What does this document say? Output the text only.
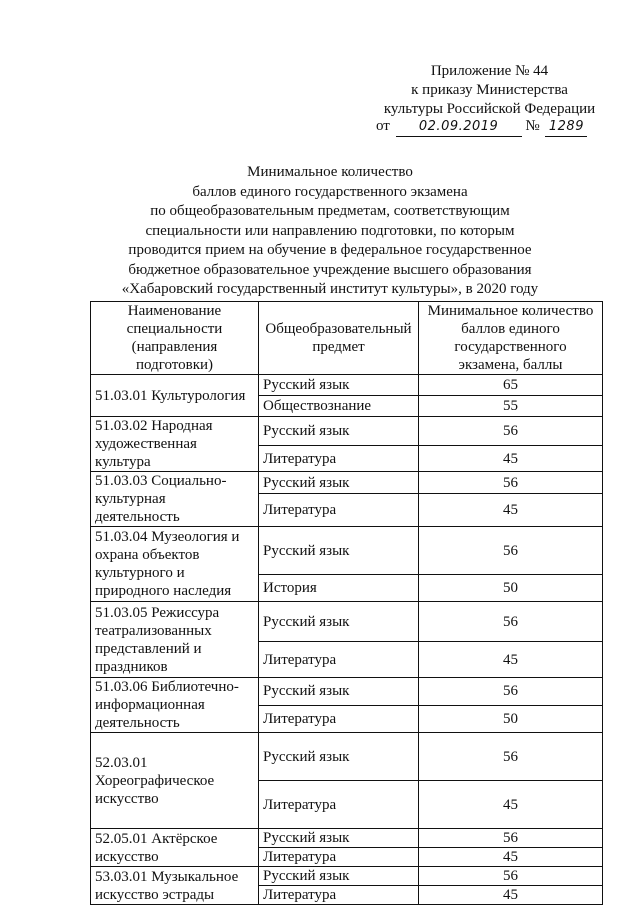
Приложение № 44
к приказу Министерства
культуры Российской Федерации
от 02.09.2019 № 1289
Минимальное количество
баллов единого государственного экзамена
по общеобразовательным предметам, соответствующим
специальности или направлению подготовки, по которым
проводится прием на обучение в федеральное государственное
бюджетное образовательное учреждение высшего образования
«Хабаровский государственный институт культуры», в 2020 году
Наименование специальности (направления подготовки)	Общеобразовательный предмет	Минимальное количество баллов единого государственного экзамена, баллы
51.03.01 Культурология	Русский язык	65
	Обществознание	55
51.03.02 Народная художественная культура	Русский язык	56
	Литература	45
51.03.03 Социально-культурная деятельность	Русский язык	56
	Литература	45
51.03.04 Музеология и охрана объектов культурного и природного наследия	Русский язык	56
	История	50
51.03.05 Режиссура театрализованных представлений и праздников	Русский язык	56
	Литература	45
51.03.06 Библиотечно-информационная деятельность	Русский язык	56
	Литература	50
52.03.01 Хореографическое искусство	Русский язык	56
	Литература	45
52.05.01 Актёрское искусство	Русский язык	56
	Литература	45
53.03.01 Музыкальное искусство эстрады	Русский язык	56
	Литература	45
